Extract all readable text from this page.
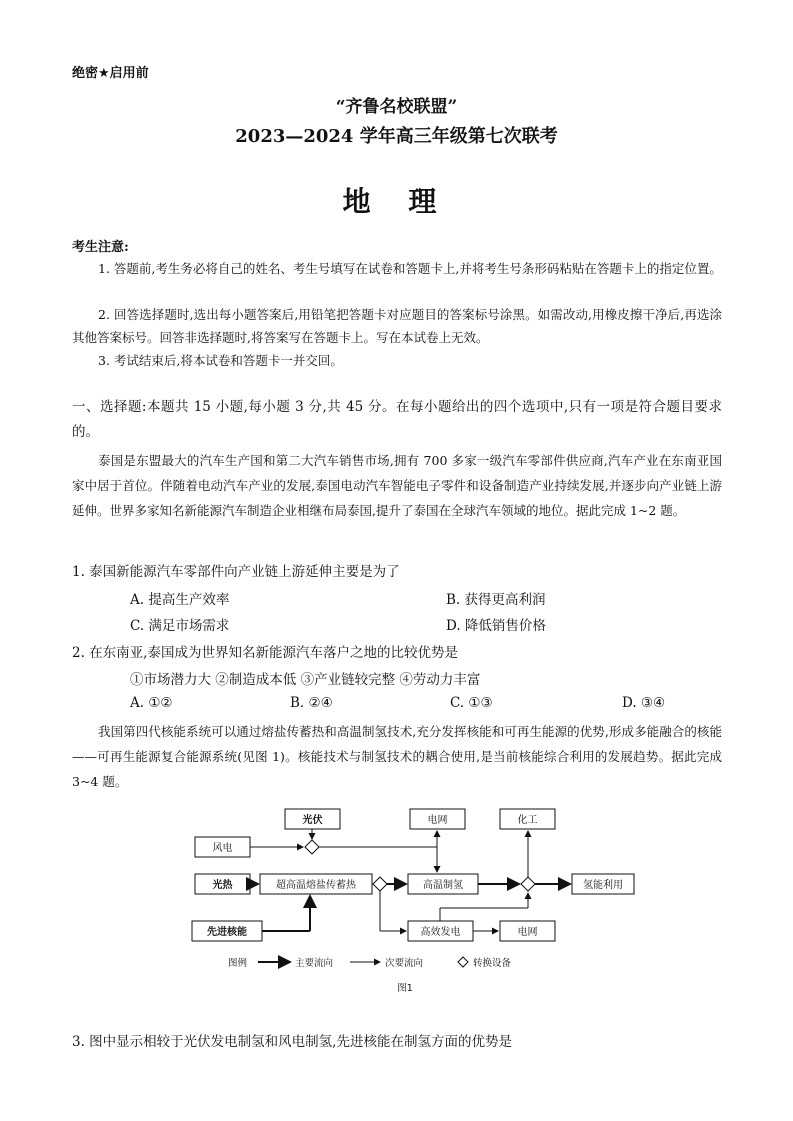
绝密★启用前
“齐鲁名校联盟”
2023—2024 学年高三年级第七次联考
地 理
考生注意:
1. 答题前,考生务必将自己的姓名、考生号填写在试卷和答题卡上,并将考生号条形码粘贴在答题卡上的指定位置。
2. 回答选择题时,选出每小题答案后,用铅笔把答题卡对应题目的答案标号涂黑。如需改动,用橡皮擦干净后,再选涂其他答案标号。回答非选择题时,将答案写在答题卡上。写在本试卷上无效。
3. 考试结束后,将本试卷和答题卡一并交回。
一、选择题:本题共 15 小题,每小题 3 分,共 45 分。在每小题给出的四个选项中,只有一项是符合题目要求的。
泰国是东盟最大的汽车生产国和第二大汽车销售市场,拥有 700 多家一级汽车零部件供应商,汽车产业在东南亚国家中居于首位。伴随着电动汽车产业的发展,泰国电动汽车智能电子零件和设备制造产业持续发展,并逐步向产业链上游延伸。世界多家知名新能源汽车制造企业相继布局泰国,提升了泰国在全球汽车领域的地位。据此完成 1~2 题。
1. 泰国新能源汽车零部件向产业链上游延伸主要是为了
A. 提高生产效率	B. 获得更高利润
C. 满足市场需求	D. 降低销售价格
2. 在东南亚,泰国成为世界知名新能源汽车落户之地的比较优势是
①市场潜力大 ②制造成本低 ③产业链较完整 ④劳动力丰富
A. ①②	B. ②④	C. ①③	D. ③④
我国第四代核能系统可以通过熔盐传蓄热和高温制氢技术,充分发挥核能和可再生能源的优势,形成多能融合的核能——可再生能源复合能源系统(见图 1)。核能技术与制氢技术的耦合使用,是当前核能综合利用的发展趋势。据此完成 3~4 题。
光伏
风电
光热	超高温熔盐传蓄热
先进核能
电网	化工
高温制氢	氢能利用
高效发电	电网
图例	主要流向	次要流向	转换设备
图1
3. 图中显示相较于光伏发电制氢和风电制氢,先进核能在制氢方面的优势是
